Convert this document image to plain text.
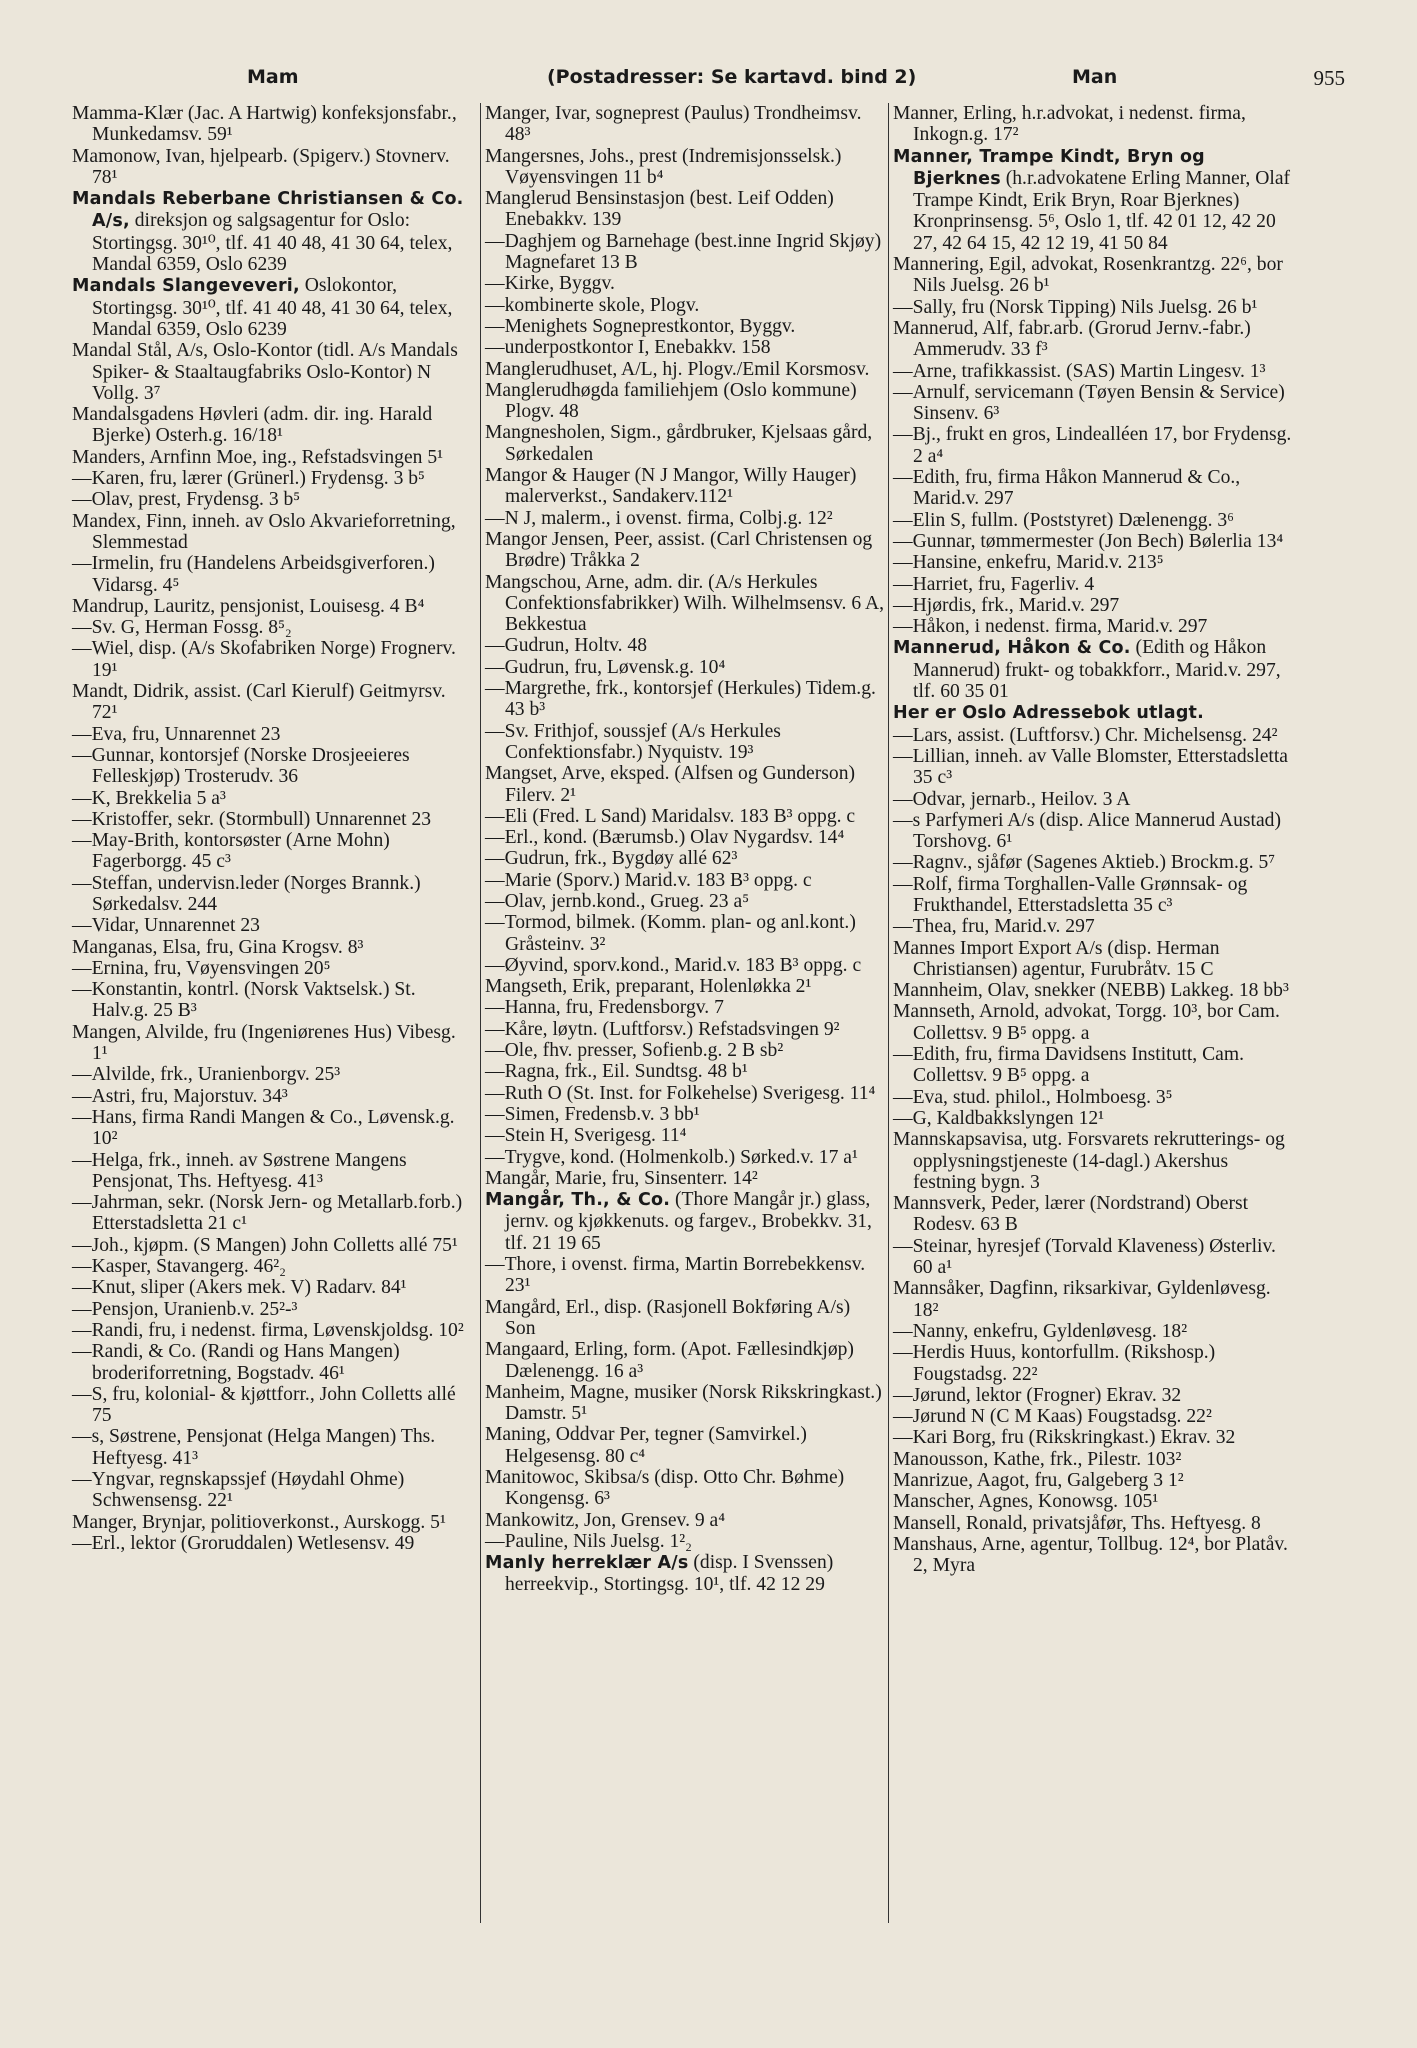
Mam	(Postadresser: Se kartavd. bind 2)	Man	955

Mamma-Klær (Jac. A Hartwig) konfeksjonsfabr., Munkedamsv. 59¹

Mamonow, Ivan, hjelpearb. (Spigerv.) Stovnerv. 78¹

Mandals Reberbane Christiansen & Co. A/s, direksjon og salgsagentur for Oslo: Stortingsg. 30¹⁰, tlf. 41 40 48, 41 30 64, telex, Mandal 6359, Oslo 6239

Mandals Slangeveveri, Oslokontor, Stortingsg. 30¹⁰, tlf. 41 40 48, 41 30 64, telex, Mandal 6359, Oslo 6239

Mandal Stål, A/s, Oslo-Kontor (tidl. A/s Mandals Spiker- & Staaltaugfabriks Oslo-Kontor) N Vollg. 3⁷

Mandalsgadens Høvleri (adm. dir. ing. Harald Bjerke) Osterh.g. 16/18¹

Manders, Arnfinn Moe, ing., Refstadsvingen 5¹

—Karen, fru, lærer (Grünerl.) Frydensg. 3 b⁵

—Olav, prest, Frydensg. 3 b⁵

Mandex, Finn, inneh. av Oslo Akvarieforretning, Slemmestad

—Irmelin, fru (Handelens Arbeidsgiverforen.) Vidarsg. 4⁵

Mandrup, Lauritz, pensjonist, Louisesg. 4 B⁴

—Sv. G, Herman Fossg. 8⁵₂

—Wiel, disp. (A/s Skofabriken Norge) Frognerv. 19¹

Mandt, Didrik, assist. (Carl Kierulf) Geitmyrsv. 72¹

—Eva, fru, Unnarennet 23

—Gunnar, kontorsjef (Norske Drosjeeieres Felleskjøp) Trosterudv. 36

—K, Brekkelia 5 a³

—Kristoffer, sekr. (Stormbull) Unnarennet 23

—May-Brith, kontorsøster (Arne Mohn) Fagerborgg. 45 c³

—Steffan, undervisn.leder (Norges Brannk.) Sørkedalsv. 244

—Vidar, Unnarennet 23

Manganas, Elsa, fru, Gina Krogsv. 8³

—Ernina, fru, Vøyensvingen 20⁵

—Konstantin, kontrl. (Norsk Vaktselsk.) St. Halv.g. 25 B³

Mangen, Alvilde, fru (Ingeniørenes Hus) Vibesg. 1¹

—Alvilde, frk., Uranienborgv. 25³

—Astri, fru, Majorstuv. 34³

—Hans, firma Randi Mangen & Co., Løvensk.g. 10²

—Helga, frk., inneh. av Søstrene Mangens Pensjonat, Ths. Heftyesg. 41³

—Jahrman, sekr. (Norsk Jern- og Metallarb.forb.) Etterstadsletta 21 c¹

—Joh., kjøpm. (S Mangen) John Colletts allé 75¹

—Kasper, Stavangerg. 46²₂

—Knut, sliper (Akers mek. V) Radarv. 84¹

—Pensjon, Uranienb.v. 25²-³

—Randi, fru, i nedenst. firma, Løvenskjoldsg. 10²

—Randi, & Co. (Randi og Hans Mangen) broderiforretning, Bogstadv. 46¹

—S, fru, kolonial- & kjøttforr., John Colletts allé 75

—s, Søstrene, Pensjonat (Helga Mangen) Ths. Heftyesg. 41³

—Yngvar, regnskapssjef (Høydahl Ohme) Schwensensg. 22¹

Manger, Brynjar, politioverkonst., Aurskogg. 5¹

—Erl., lektor (Groruddalen) Wetlesensv. 49

Manger, Ivar, sogneprest (Paulus) Trondheimsv. 48³

Mangersnes, Johs., prest (Indremisjonsselsk.) Vøyensvingen 11 b⁴

Manglerud Bensinstasjon (best. Leif Odden) Enebakkv. 139

—Daghjem og Barnehage (best.inne Ingrid Skjøy) Magnefaret 13 B

—Kirke, Byggv.

—kombinerte skole, Plogv.

—Menighets Sogneprestkontor, Byggv.

—underpostkontor I, Enebakkv. 158

Manglerudhuset, A/L, hj. Plogv./Emil Korsmosv.

Manglerudhøgda familiehjem (Oslo kommune) Plogv. 48

Mangnesholen, Sigm., gårdbruker, Kjelsaas gård, Sørkedalen

Mangor & Hauger (N J Mangor, Willy Hauger) malerverkst., Sandakerv.112¹

—N J, malerm., i ovenst. firma, Colbj.g. 12²

Mangor Jensen, Peer, assist. (Carl Christensen og Brødre) Tråkka 2

Mangschou, Arne, adm. dir. (A/s Herkules Confektionsfabrikker) Wilh. Wilhelmsensv. 6 A, Bekkestua

—Gudrun, Holtv. 48

—Gudrun, fru, Løvensk.g. 10⁴

—Margrethe, frk., kontorsjef (Herkules) Tidem.g. 43 b³

—Sv. Frithjof, soussjef (A/s Herkules Confektionsfabr.) Nyquistv. 19³

Mangset, Arve, eksped. (Alfsen og Gunderson) Filerv. 2¹

—Eli (Fred. L Sand) Maridalsv. 183 B³ oppg. c

—Erl., kond. (Bærumsb.) Olav Nygardsv. 14⁴

—Gudrun, frk., Bygdøy allé 62³

—Marie (Sporv.) Marid.v. 183 B³ oppg. c

—Olav, jernb.kond., Grueg. 23 a⁵

—Tormod, bilmek. (Komm. plan- og anl.kont.) Gråsteinv. 3²

—Øyvind, sporv.kond., Marid.v. 183 B³ oppg. c

Mangseth, Erik, preparant, Holenløkka 2¹

—Hanna, fru, Fredensborgv. 7

—Kåre, løytn. (Luftforsv.) Refstadsvingen 9²

—Ole, fhv. presser, Sofienb.g. 2 B sb²

—Ragna, frk., Eil. Sundtsg. 48 b¹

—Ruth O (St. Inst. for Folkehelse) Sverigesg. 11⁴

—Simen, Fredensb.v. 3 bb¹

—Stein H, Sverigesg. 11⁴

—Trygve, kond. (Holmenkolb.) Sørked.v. 17 a¹

Mangår, Marie, fru, Sinsenterr. 14²

Mangår, Th., & Co. (Thore Mangår jr.) glass, jernv. og kjøkkenuts. og fargev., Brobekkv. 31, tlf. 21 19 65

—Thore, i ovenst. firma, Martin Borrebekkensv. 23¹

Mangård, Erl., disp. (Rasjonell Bokføring A/s) Son

Mangaard, Erling, form. (Apot. Fællesindkjøp) Dælenengg. 16 a³

Manheim, Magne, musiker (Norsk Rikskringkast.) Damstr. 5¹

Maning, Oddvar Per, tegner (Samvirkel.) Helgesensg. 80 c⁴

Manitowoc, Skibsa/s (disp. Otto Chr. Bøhme) Kongensg. 6³

Mankowitz, Jon, Grensev. 9 a⁴

—Pauline, Nils Juelsg. 1²₂

Manly herreklær A/s (disp. I Svenssen) herreekvip., Stortingsg. 10¹, tlf. 42 12 29

Manner, Erling, h.r.advokat, i nedenst. firma, Inkogn.g. 17²

Manner, Trampe Kindt, Bryn og Bjerknes (h.r.advokatene Erling Manner, Olaf Trampe Kindt, Erik Bryn, Roar Bjerknes) Kronprinsensg. 5⁶, Oslo 1, tlf. 42 01 12, 42 20 27, 42 64 15, 42 12 19, 41 50 84

Mannering, Egil, advokat, Rosenkrantzg. 22⁶, bor Nils Juelsg. 26 b¹

—Sally, fru (Norsk Tipping) Nils Juelsg. 26 b¹

Mannerud, Alf, fabr.arb. (Grorud Jernv.-fabr.) Ammerudv. 33 f³

—Arne, trafikkassist. (SAS) Martin Lingesv. 1³

—Arnulf, servicemann (Tøyen Bensin & Service) Sinsenv. 6³

—Bj., frukt en gros, Lindealléen 17, bor Frydensg. 2 a⁴

—Edith, fru, firma Håkon Mannerud & Co., Marid.v. 297

—Elin S, fullm. (Poststyret) Dælenengg. 3⁶

—Gunnar, tømmermester (Jon Bech) Bølerlia 13⁴

—Hansine, enkefru, Marid.v. 213⁵

—Harriet, fru, Fagerliv. 4

—Hjørdis, frk., Marid.v. 297

—Håkon, i nedenst. firma, Marid.v. 297

Mannerud, Håkon & Co. (Edith og Håkon Mannerud) frukt- og tobakkforr., Marid.v. 297, tlf. 60 35 01

Her er Oslo Adressebok utlagt.

—Lars, assist. (Luftforsv.) Chr. Michelsensg. 24²

—Lillian, inneh. av Valle Blomster, Etterstadsletta 35 c³

—Odvar, jernarb., Heilov. 3 A

—s Parfymeri A/s (disp. Alice Mannerud Austad) Torshovg. 6¹

—Ragnv., sjåfør (Sagenes Aktieb.) Brockm.g. 5⁷

—Rolf, firma Torghallen-Valle Grønnsak- og Frukthandel, Etterstadsletta 35 c³

—Thea, fru, Marid.v. 297

Mannes Import Export A/s (disp. Herman Christiansen) agentur, Furubråtv. 15 C

Mannheim, Olav, snekker (NEBB) Lakkeg. 18 bb³

Mannseth, Arnold, advokat, Torgg. 10³, bor Cam. Collettsv. 9 B⁵ oppg. a

—Edith, fru, firma Davidsens Institutt, Cam. Collettsv. 9 B⁵ oppg. a

—Eva, stud. philol., Holmboesg. 3⁵

—G, Kaldbakkslyngen 12¹

Mannskapsavisa, utg. Forsvarets rekrutterings- og opplysningstjeneste (14-dagl.) Akershus festning bygn. 3

Mannsverk, Peder, lærer (Nordstrand) Oberst Rodesv. 63 B

—Steinar, hyresjef (Torvald Klaveness) Østerliv. 60 a¹

Mannsåker, Dagfinn, riksarkivar, Gyldenløvesg. 18²

—Nanny, enkefru, Gyldenløvesg. 18²

—Herdis Huus, kontorfullm. (Rikshosp.) Fougstadsg. 22²

—Jørund, lektor (Frogner) Ekrav. 32

—Jørund N (C M Kaas) Fougstadsg. 22²

—Kari Borg, fru (Rikskringkast.) Ekrav. 32

Manousson, Kathe, frk., Pilestr. 103²

Manrizue, Aagot, fru, Galgeberg 3 1²

Manscher, Agnes, Konowsg. 105¹

Mansell, Ronald, privatsjåfør, Ths. Heftyesg. 8

Manshaus, Arne, agentur, Tollbug. 12⁴, bor Platåv. 2, Myra
